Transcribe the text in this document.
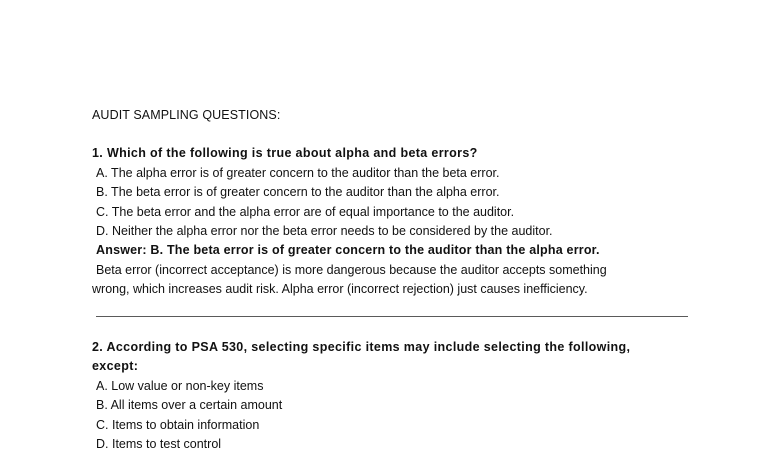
AUDIT SAMPLING QUESTIONS:
1. Which of the following is true about alpha and beta errors?
A. The alpha error is of greater concern to the auditor than the beta error.
B. The beta error is of greater concern to the auditor than the alpha error.
C. The beta error and the alpha error are of equal importance to the auditor.
D. Neither the alpha error nor the beta error needs to be considered by the auditor.
Answer: B. The beta error is of greater concern to the auditor than the alpha error.
Beta error (incorrect acceptance) is more dangerous because the auditor accepts something
wrong, which increases audit risk. Alpha error (incorrect rejection) just causes inefficiency.
2. According to PSA 530, selecting specific items may include selecting the following,
except:
A. Low value or non-key items
B. All items over a certain amount
C. Items to obtain information
D. Items to test control
